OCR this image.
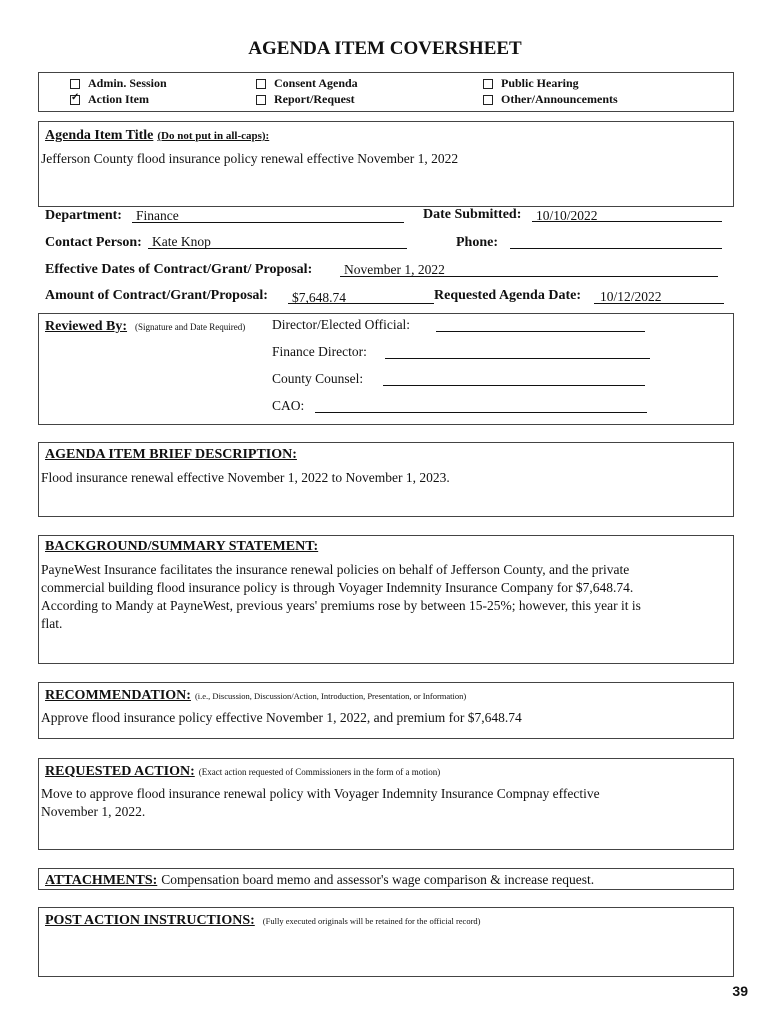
AGENDA ITEM COVERSHEET
Admin. Session
✓
Action Item
Consent Agenda
Report/Request
Public Hearing
Other/Announcements
Agenda Item Title (Do not put in all-caps):
Jefferson County flood insurance policy renewal effective November 1, 2022
Department: Finance	Date Submitted: 10/10/2022
Contact Person: Kate Knop	Phone:
Effective Dates of Contract/Grant/ Proposal: November 1, 2022
Amount of Contract/Grant/Proposal: $7,648.74	Requested Agenda Date: 10/12/2022
Reviewed By: (Signature and Date Required) Director/Elected Official:
Finance Director:
County Counsel:
CAO:
AGENDA ITEM BRIEF DESCRIPTION:
Flood insurance renewal effective November 1, 2022 to November 1, 2023.
BACKGROUND/SUMMARY STATEMENT:
PayneWest Insurance facilitates the insurance renewal policies on behalf of Jefferson County, and the private
commercial building flood insurance policy is through Voyager Indemnity Insurance Company for $7,648.74.
According to Mandy at PayneWest, previous years' premiums rose by between 15-25%; however, this year it is
flat.
RECOMMENDATION: (i.e., Discussion, Discussion/Action, Introduction, Presentation, or Information)
Approve flood insurance policy effective November 1, 2022, and premium for $7,648.74
REQUESTED ACTION: (Exact action requested of Commissioners in the form of a motion)
Move to approve flood insurance renewal policy with Voyager Indemnity Insurance Compnay effective
November 1, 2022.
ATTACHMENTS: Compensation board memo and assessor's wage comparison & increase request.
POST ACTION INSTRUCTIONS: (Fully executed originals will be retained for the official record)
39
